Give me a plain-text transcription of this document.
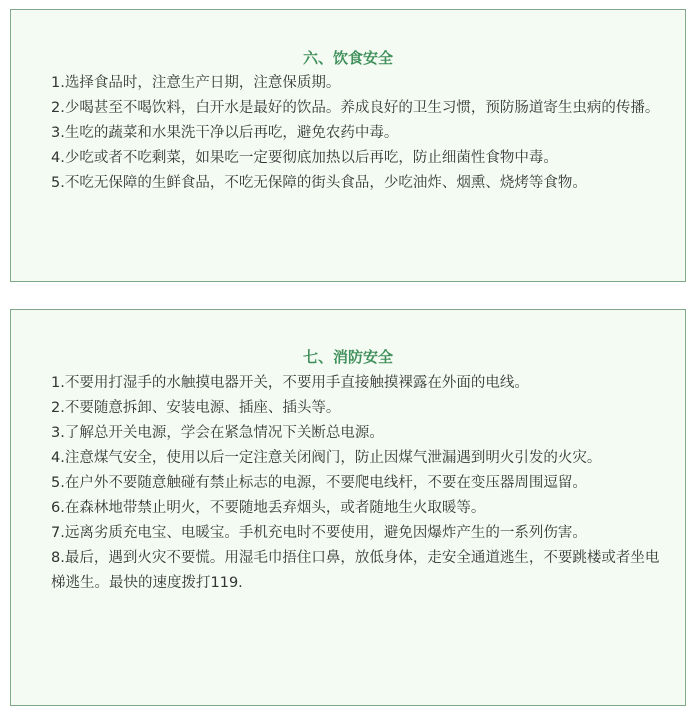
六、饮食安全
1.选择食品时，注意生产日期，注意保质期。
2.少喝甚至不喝饮料，白开水是最好的饮品。养成良好的卫生习惯，预防肠道寄生虫病的传播。
3.生吃的蔬菜和水果洗干净以后再吃，避免农药中毒。
4.少吃或者不吃剩菜，如果吃一定要彻底加热以后再吃，防止细菌性食物中毒。
5.不吃无保障的生鲜食品，不吃无保障的街头食品，少吃油炸、烟熏、烧烤等食物。
七、消防安全
1.不要用打湿手的水触摸电器开关，不要用手直接触摸裸露在外面的电线。
2.不要随意拆卸、安装电源、插座、插头等。
3.了解总开关电源，学会在紧急情况下关断总电源。
4.注意煤气安全，使用以后一定注意关闭阀门，防止因煤气泄漏遇到明火引发的火灾。
5.在户外不要随意触碰有禁止标志的电源，不要爬电线杆，不要在变压器周围逗留。
6.在森林地带禁止明火，不要随地丢弃烟头，或者随地生火取暖等。
7.远离劣质充电宝、电暖宝。手机充电时不要使用，避免因爆炸产生的一系列伤害。
8.最后，遇到火灾不要慌。用湿毛巾捂住口鼻，放低身体，走安全通道逃生，不要跳楼或者坐电梯逃生。最快的速度拨打119.
